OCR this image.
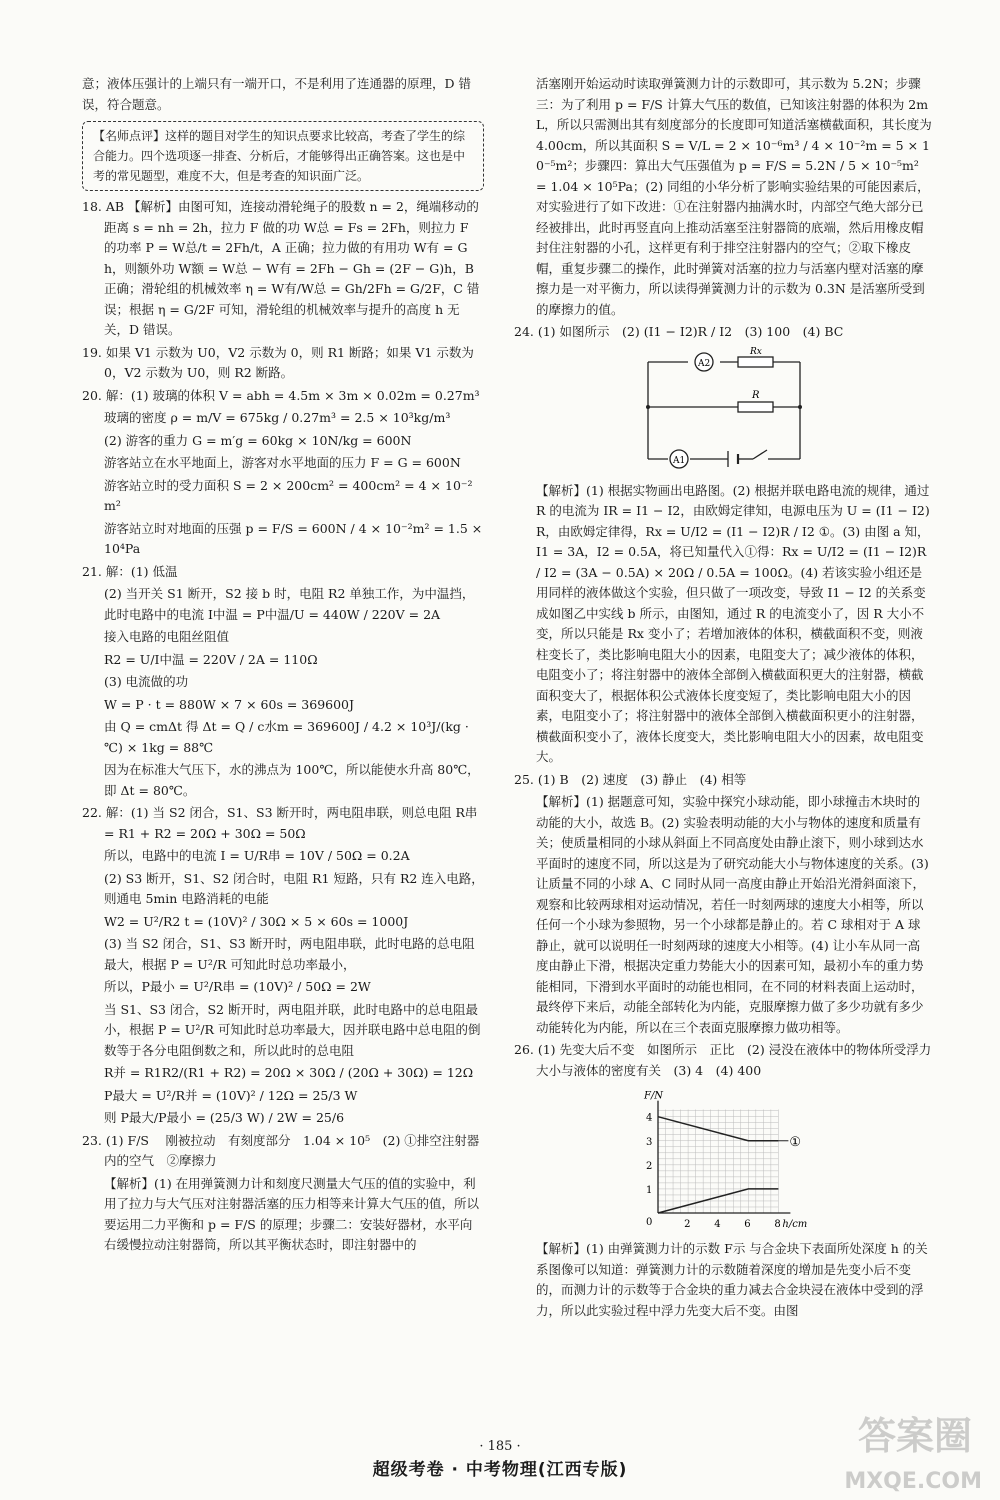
意；液体压强计的上端只有一端开口，不是利用了连通器的原理，D 错误，符合题意。

【名师点评】这样的题目对学生的知识点要求比较高，考查了学生的综合能力。四个选项逐一排查、分析后，才能够得出正确答案。这也是中考的常见题型，难度不大，但是考查的知识面广泛。

18. AB 【解析】由图可知，连接动滑轮绳子的股数 n = 2，绳端移动的距离 s = nh = 2h，拉力 F 做的功 W总 = Fs = 2Fh，则拉力 F 的功率 P = W总/t = 2Fh/t，A 正确；拉力做的有用功 W有 = Gh，则额外功 W额 = W总 − W有 = 2Fh − Gh = (2F − G)h，B 正确；滑轮组的机械效率 η = W有/W总 = Gh/2Fh = G/2F，C 错误；根据 η = G/2F 可知，滑轮组的机械效率与提升的高度 h 无关，D 错误。

19. 如果 V1 示数为 U0，V2 示数为 0，则 R1 断路；如果 V1 示数为 0，V2 示数为 U0，则 R2 断路。

20. 解：(1) 玻璃的体积 V = abh = 4.5m × 3m × 0.02m = 0.27m³

玻璃的密度 ρ = m/V = 675kg / 0.27m³ = 2.5 × 10³kg/m³

(2) 游客的重力 G = m′g = 60kg × 10N/kg = 600N

游客站立在水平地面上，游客对水平地面的压力 F = G = 600N

游客站立时的受力面积 S = 2 × 200cm² = 400cm² = 4 × 10⁻²m²

游客站立时对地面的压强 p = F/S = 600N / 4 × 10⁻²m² = 1.5 × 10⁴Pa

21. 解：(1) 低温

(2) 当开关 S1 断开，S2 接 b 时，电阻 R2 单独工作，为中温挡，此时电路中的电流 I中温 = P中温/U = 440W / 220V = 2A

接入电路的电阻丝阻值

R2 = U/I中温 = 220V / 2A = 110Ω

(3) 电流做的功

W = P · t = 880W × 7 × 60s = 369600J

由 Q = cmΔt 得 Δt = Q / c水m = 369600J / 4.2 × 10³J/(kg · ℃) × 1kg = 88℃

因为在标准大气压下，水的沸点为 100℃，所以能使水升高 80℃，即 Δt = 80℃。

22. 解：(1) 当 S2 闭合，S1、S3 断开时，两电阻串联，则总电阻 R串 = R1 + R2 = 20Ω + 30Ω = 50Ω

所以，电路中的电流 I = U/R串 = 10V / 50Ω = 0.2A

(2) S3 断开，S1、S2 闭合时，电阻 R1 短路，只有 R2 连入电路，则通电 5min 电路消耗的电能

W2 = U²/R2 t = (10V)² / 30Ω × 5 × 60s = 1000J

(3) 当 S2 闭合，S1、S3 断开时，两电阻串联，此时电路的总电阻最大，根据 P = U²/R 可知此时总功率最小，

所以，P最小 = U²/R串 = (10V)² / 50Ω = 2W

当 S1、S3 闭合，S2 断开时，两电阻并联，此时电路中的总电阻最小，根据 P = U²/R 可知此时总功率最大，因并联电路中总电阻的倒数等于各分电阻倒数之和，所以此时的总电阻

R并 = R1R2/(R1 + R2) = 20Ω × 30Ω / (20Ω + 30Ω) = 12Ω

P最大 = U²/R并 = (10V)² / 12Ω = 25/3 W

则 P最大/P最小 = (25/3 W) / 2W = 25/6

23. (1) F/S 　刚被拉动　有刻度部分　1.04 × 10⁵　(2) ①排空注射器内的空气　②摩擦力

【解析】(1) 在用弹簧测力计和刻度尺测量大气压的值的实验中，利用了拉力与大气压对注射器活塞的压力相等来计算大气压的值，所以要运用二力平衡和 p = F/S 的原理；步骤二：安装好器材，水平向右缓慢拉动注射器筒，所以其平衡状态时，即注射器中的

活塞刚开始运动时读取弹簧测力计的示数即可，其示数为 5.2N；步骤三：为了利用 p = F/S 计算大气压的数值，已知该注射器的体积为 2mL，所以只需测出其有刻度部分的长度即可知道活塞横截面积，其长度为 4.00cm，所以其面积 S = V/L = 2 × 10⁻⁶m³ / 4 × 10⁻²m = 5 × 10⁻⁵m²；步骤四：算出大气压强值为 p = F/S = 5.2N / 5 × 10⁻⁵m² = 1.04 × 10⁵Pa；(2) 同组的小华分析了影响实验结果的可能因素后，对实验进行了如下改进：①在注射器内抽满水时，内部空气绝大部分已经被排出，此时再竖直向上推动活塞至注射器筒的底端，然后用橡皮帽封住注射器的小孔，这样更有利于排空注射器内的空气；②取下橡皮帽，重复步骤二的操作，此时弹簧对活塞的拉力与活塞内壁对活塞的摩擦力是一对平衡力，所以读得弹簧测力计的示数为 0.3N 是活塞所受到的摩擦力的值。

24. (1) 如图所示　(2) (I1 − I2)R / I2　(3) 100　(4) BC

A2
Rx
R
A1

【解析】(1) 根据实物画出电路图。(2) 根据并联电路电流的规律，通过 R 的电流为 IR = I1 − I2，由欧姆定律知，电源电压为 U = (I1 − I2)R，由欧姆定律得，Rx = U/I2 = (I1 − I2)R / I2 ①。(3) 由图 a 知，I1 = 3A，I2 = 0.5A，将已知量代入①得：Rx = U/I2 = (I1 − I2)R / I2 = (3A − 0.5A) × 20Ω / 0.5A = 100Ω。(4) 若该实验小组还是用同样的液体做这个实验，但只做了一项改变，导致 I1 − I2 的关系变成如图乙中实线 b 所示，由图知，通过 R 的电流变小了，因 R 大小不变，所以只能是 Rx 变小了；若增加液体的体积，横截面积不变，则液柱变长了，类比影响电阻大小的因素，电阻变大了；减少液体的体积，电阻变小了；将注射器中的液体全部倒入横截面积更大的注射器，横截面积变大了，根据体积公式液体长度变短了，类比影响电阻大小的因素，电阻变小了；将注射器中的液体全部倒入横截面积更小的注射器，横截面积变小了，液体长度变大，类比影响电阻大小的因素，故电阻变大。

25. (1) B　(2) 速度　(3) 静止　(4) 相等

【解析】(1) 据题意可知，实验中探究小球动能，即小球撞击木块时的动能的大小，故选 B。(2) 实验表明动能的大小与物体的速度和质量有关；使质量相同的小球从斜面上不同高度处由静止滚下，则小球到达水平面时的速度不同，所以这是为了研究动能大小与物体速度的关系。(3) 让质量不同的小球 A、C 同时从同一高度由静止开始沿光滑斜面滚下，观察和比较两球相对运动情况，若任一时刻两球的速度大小相等，所以任何一个小球为参照物，另一个小球都是静止的。若 C 球相对于 A 球静止，就可以说明任一时刻两球的速度大小相等。(4) 让小车从同一高度由静止下滑，根据决定重力势能大小的因素可知，最初小车的重力势能相同，下滑到水平面时的动能也相同，在不同的材料表面上运动时，最终停下来后，动能全部转化为内能，克服摩擦力做了多少功就有多少动能转化为内能，所以在三个表面克服摩擦力做功相等。

26. (1) 先变大后不变　如图所示　正比　(2) 浸没在液体中的物体所受浮力大小与液体的密度有关　(3) 4　(4) 400

F/N
h/cm
0	2 4 6 8
1
2
3
4
①

【解析】(1) 由弹簧测力计的示数 F示 与合金块下表面所处深度 h 的关系图像可以知道：弹簧测力计的示数随着深度的增加是先变小后不变的，而测力计的示数等于合金块的重力减去合金块浸在液体中受到的浮力，所以此实验过程中浮力先变大后不变。由图

· 185 ·
超级考卷 · 中考物理(江西专版)
答案圈
MXQE.COM
